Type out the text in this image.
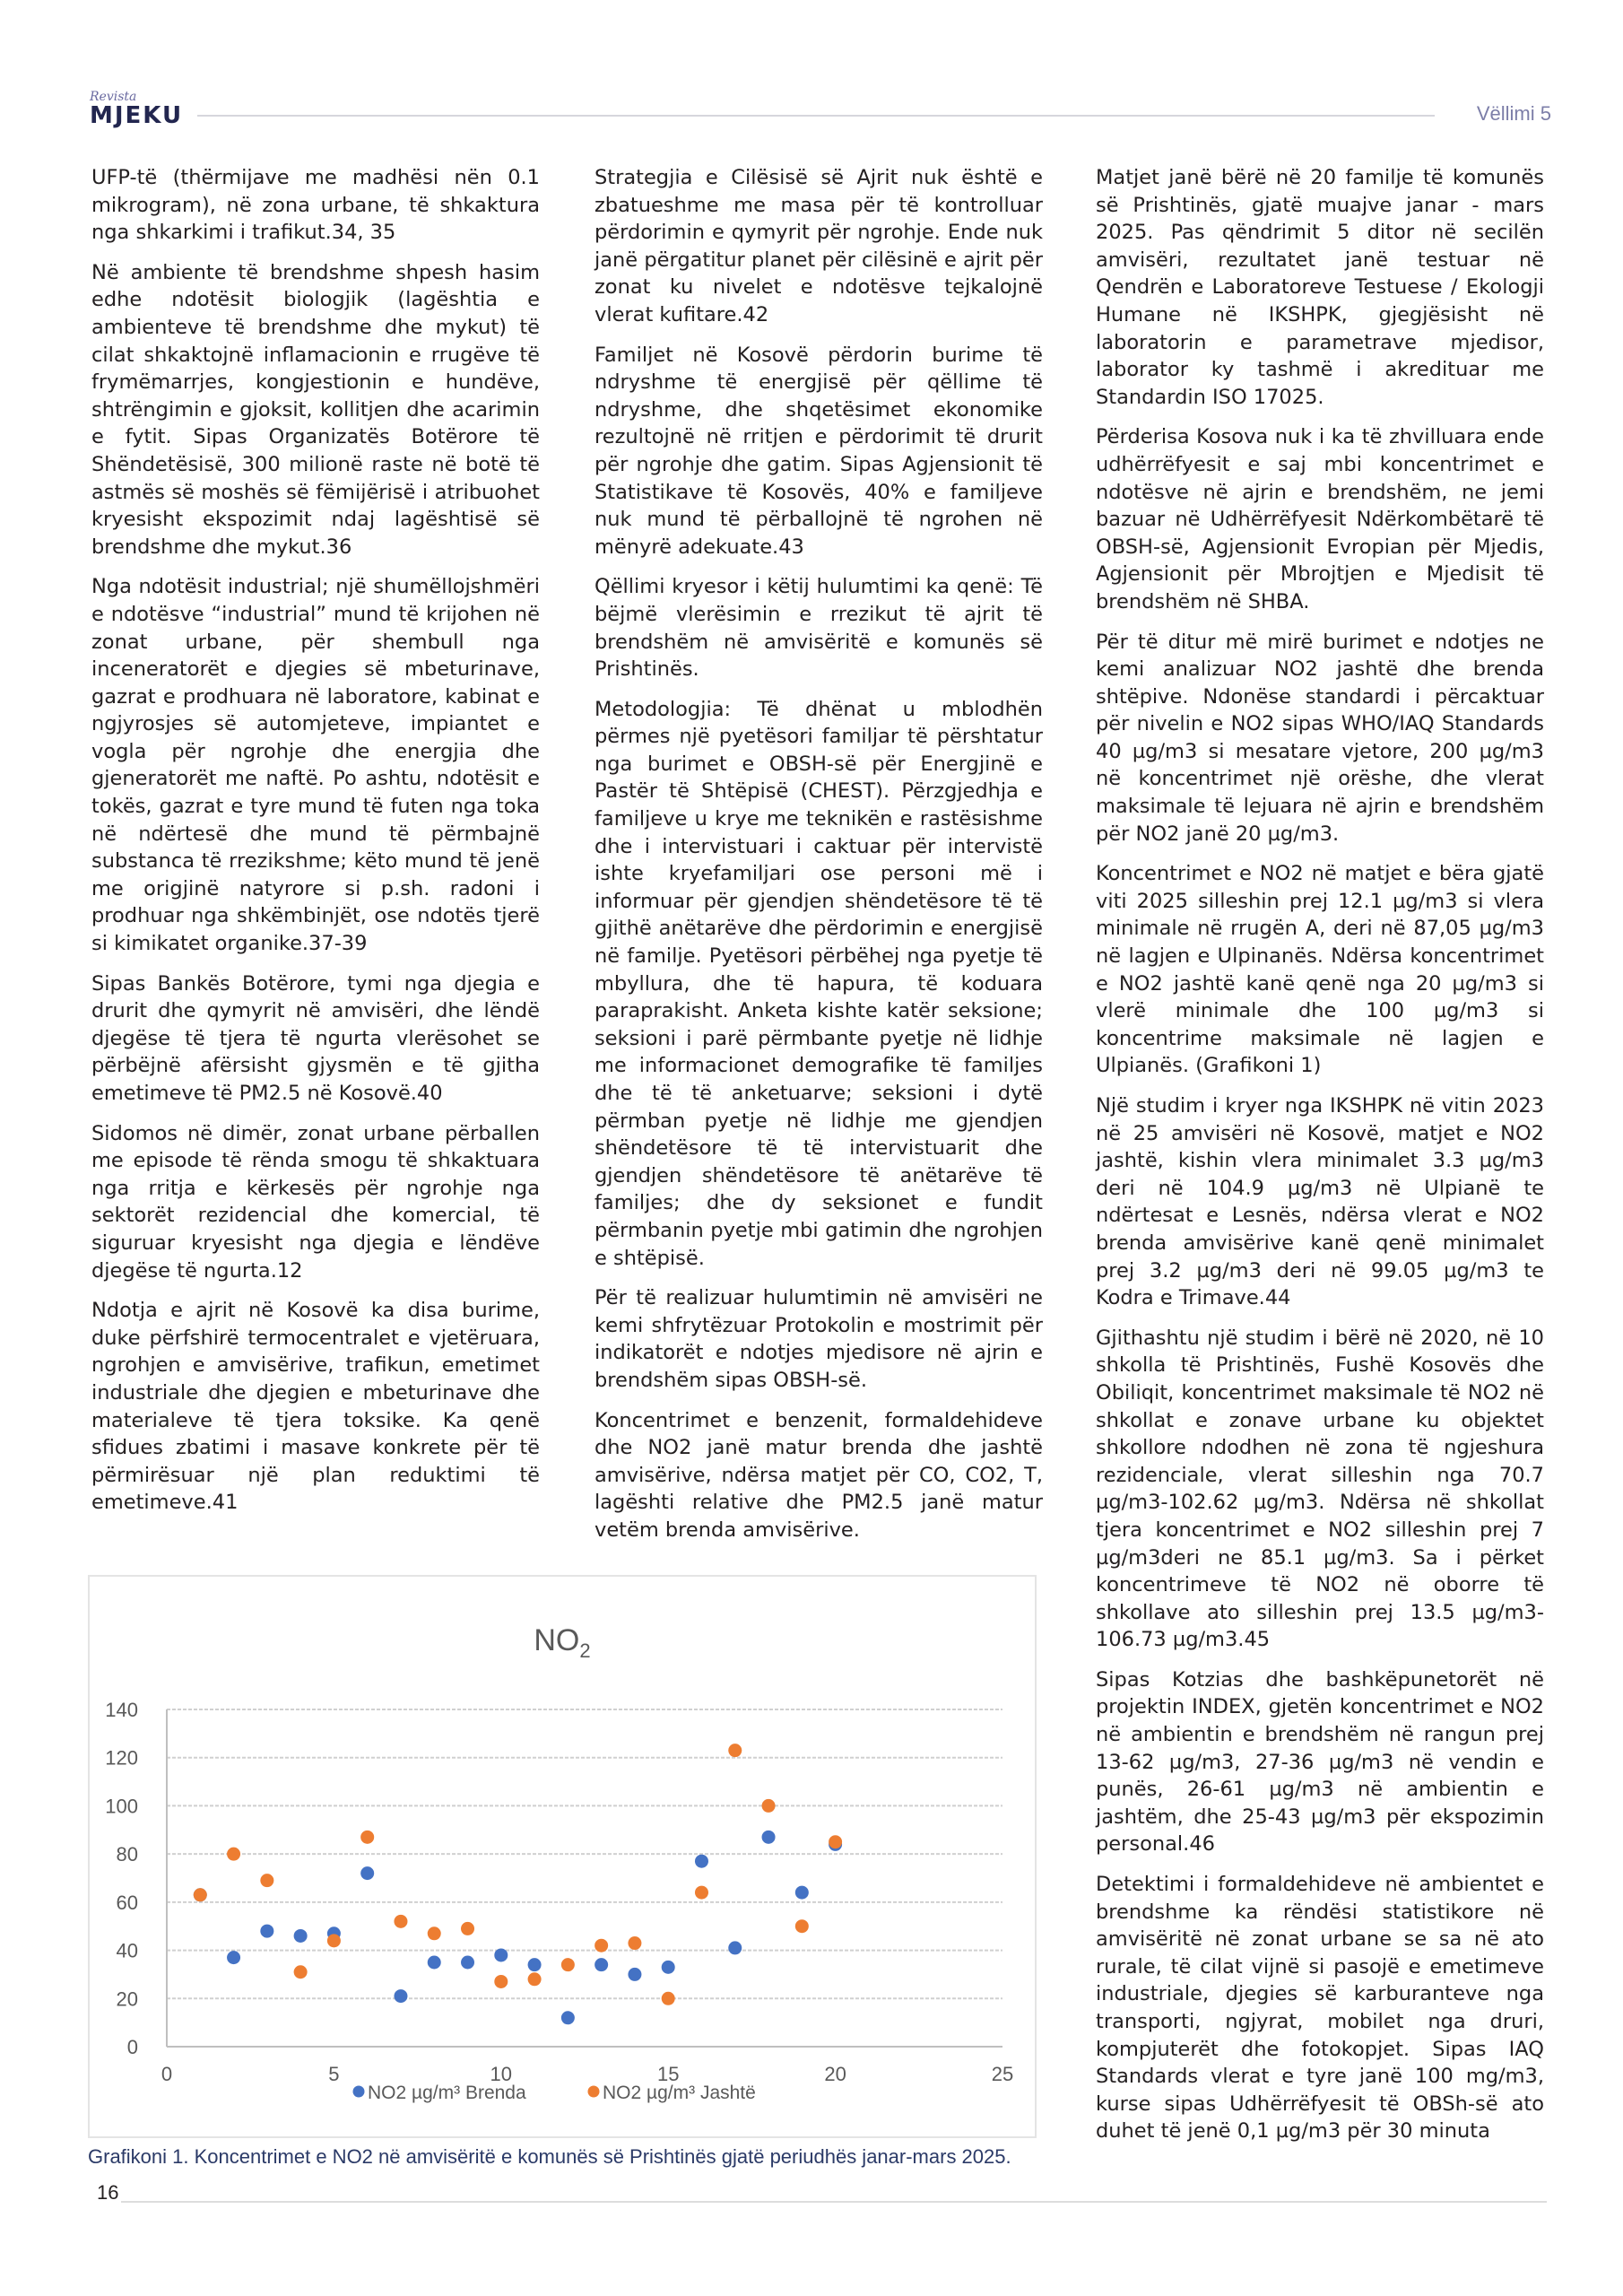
Revista
MJEKU	Vëllimi 5

UFP-të (thërmijave me madhësi nën 0.1 mikrogram), në zona urbane, të shkaktura nga shkarkimi i trafikut.34, 35

Në ambiente të brendshme shpesh hasim edhe ndotësit biologjik (lagështia e ambienteve të brendshme dhe mykut) të cilat shkaktojnë inflamacionin e rrugëve të frymëmarrjes, kongjestionin e hundëve, shtrëngimin e gjoksit, kollitjen dhe acarimin e fytit. Sipas Organizatës Botërore të Shëndetësisë, 300 milionë raste në botë të astmës së moshës së fëmijërisë i atribuohet kryesisht ekspozimit ndaj lagështisë së brendshme dhe mykut.36

Nga ndotësit industrial; një shumëllojshmëri e ndotësve “industrial” mund të krijohen në zonat urbane, për shembull nga inceneratorët e djegies së mbeturinave, gazrat e prodhuara në laboratore, kabinat e ngjyrosjes së automjeteve, impiantet e vogla për ngrohje dhe energjia dhe gjeneratorët me naftë. Po ashtu, ndotësit e tokës, gazrat e tyre mund të futen nga toka në ndërtesë dhe mund të përmbajnë substanca të rrezikshme; këto mund të jenë me origjinë natyrore si p.sh. radoni i prodhuar nga shkëmbinjët, ose ndotës tjerë si kimikatet organike.37-39

Sipas Bankës Botërore, tymi nga djegia e drurit dhe qymyrit në amvisëri, dhe lëndë djegëse të tjera të ngurta vlerësohet se përbëjnë afërsisht gjysmën e të gjitha emetimeve të PM2.5 në Kosovë.40

Sidomos në dimër, zonat urbane përballen me episode të rënda smogu të shkaktuara nga rritja e kërkesës për ngrohje nga sektorët rezidencial dhe komercial, të siguruar kryesisht nga djegia e lëndëve djegëse të ngurta.12

Ndotja e ajrit në Kosovë ka disa burime, duke përfshirë termocentralet e vjetëruara, ngrohjen e amvisërive, trafikun, emetimet industriale dhe djegien e mbeturinave dhe materialeve të tjera toksike. Ka qenë sfidues zbatimi i masave konkrete për të përmirësuar një plan reduktimi të emetimeve.41

Strategjia e Cilësisë së Ajrit nuk është e zbatueshme me masa për të kontrolluar përdorimin e qymyrit për ngrohje. Ende nuk janë përgatitur planet për cilësinë e ajrit për zonat ku nivelet e ndotësve tejkalojnë vlerat kufitare.42

Familjet në Kosovë përdorin burime të ndryshme të energjisë për qëllime të ndryshme, dhe shqetësimet ekonomike rezultojnë në rritjen e përdorimit të drurit për ngrohje dhe gatim. Sipas Agjensionit të Statistikave të Kosovës, 40% e familjeve nuk mund të përballojnë të ngrohen në mënyrë adekuate.43

Qëllimi kryesor i këtij hulumtimi ka qenë: Të bëjmë vlerësimin e rrezikut të ajrit të brendshëm në amvisëritë e komunës së Prishtinës.

Metodologjia: Të dhënat u mblodhën përmes një pyetësori familjar të përshtatur nga burimet e OBSH-së për Energjinë e Pastër të Shtëpisë (CHEST). Përzgjedhja e familjeve u krye me teknikën e rastësishme dhe i intervistuari i caktuar për intervistë ishte kryefamiljari ose personi më i informuar për gjendjen shëndetësore të të gjithë anëtarëve dhe përdorimin e energjisë në familje. Pyetësori përbëhej nga pyetje të mbyllura, dhe të hapura, të koduara paraprakisht. Anketa kishte katër seksione; seksioni i parë përmbante pyetje në lidhje me informacionet demografike të familjes dhe të të anketuarve; seksioni i dytë përmban pyetje në lidhje me gjendjen shëndetësore të të intervistuarit dhe gjendjen shëndetësore të anëtarëve të familjes; dhe dy seksionet e fundit përmbanin pyetje mbi gatimin dhe ngrohjen e shtëpisë.

Për të realizuar hulumtimin në amvisëri ne kemi shfrytëzuar Protokolin e mostrimit për indikatorët e ndotjes mjedisore në ajrin e brendshëm sipas OBSH-së.

Koncentrimet e benzenit, formaldehideve dhe NO2 janë matur brenda dhe jashtë amvisërive, ndërsa matjet për CO, CO2, T, lagështi relative dhe PM2.5 janë matur vetëm brenda amvisërive.

Matjet janë bërë në 20 familje të komunës së Prishtinës, gjatë muajve janar - mars 2025. Pas qëndrimit 5 ditor në secilën amvisëri, rezultatet janë testuar në Qendrën e Laboratoreve Testuese / Ekologji Humane në IKSHPK, gjegjësisht në laboratorin e parametrave mjedisor, laborator ky tashmë i akredituar me Standardin ISO 17025.

Përderisa Kosova nuk i ka të zhvilluara ende udhërrëfyesit e saj mbi koncentrimet e ndotësve në ajrin e brendshëm, ne jemi bazuar në Udhërrëfyesit Ndërkombëtarë të OBSH-së, Agjensionit Evropian për Mjedis, Agjensionit për Mbrojtjen e Mjedisit të brendshëm në SHBA.

Për të ditur më mirë burimet e ndotjes ne kemi analizuar NO2 jashtë dhe brenda shtëpive. Ndonëse standardi i përcaktuar për nivelin e NO2 sipas WHO/IAQ Standards 40 µg/m3 si mesatare vjetore, 200 µg/m3 në koncentrimet një orëshe, dhe vlerat maksimale të lejuara në ajrin e brendshëm për NO2 janë 20 µg/m3.

Koncentrimet e NO2 në matjet e bëra gjatë viti 2025 silleshin prej 12.1 µg/m3 si vlera minimale në rrugën A, deri në 87,05 µg/m3 në lagjen e Ulpinanës. Ndërsa koncentrimet e NO2 jashtë kanë qenë nga 20 µg/m3 si vlerë minimale dhe 100 µg/m3 si koncentrime maksimale në lagjen e Ulpianës. (Grafikoni 1)

Një studim i kryer nga IKSHPK në vitin 2023 në 25 amvisëri në Kosovë, matjet e NO2 jashtë, kishin vlera minimalet 3.3 µg/m3 deri në 104.9 µg/m3 në Ulpianë te ndërtesat e Lesnës, ndërsa vlerat e NO2 brenda amvisërive kanë qenë minimalet prej 3.2 µg/m3 deri në 99.05 µg/m3 te Kodra e Trimave.44

Gjithashtu një studim i bërë në 2020, në 10 shkolla të Prishtinës, Fushë Kosovës dhe Obiliqit, koncentrimet maksimale të NO2 në shkollat e zonave urbane ku objektet shkollore ndodhen në zona të ngjeshura rezidenciale, vlerat silleshin nga 70.7 µg/m3-102.62 µg/m3. Ndërsa në shkollat tjera koncentrimet e NO2 silleshin prej 7 µg/m3deri ne 85.1 µg/m3. Sa i përket koncentrimeve të NO2 në oborre të shkollave ato silleshin prej 13.5 µg/m3-106.73 µg/m3.45

Sipas Kotzias dhe bashkëpunetorët në projektin INDEX, gjetën koncentrimet e NO2 në ambientin e brendshëm në rangun prej 13-62 µg/m3, 27-36 µg/m3 në vendin e punës, 26-61 µg/m3 në ambientin e jashtëm, dhe 25-43 µg/m3 për ekspozimin personal.46

Detektimi i formaldehideve në ambientet e brendshme ka rëndësi statistikore në amvisëritë në zonat urbane se sa në ato rurale, të cilat vijnë si pasojë e emetimeve industriale, djegies së karburanteve nga transporti, ngjyrat, mobilet nga druri, kompjuterët dhe fotokopjet. Sipas IAQ Standards vlerat e tyre janë 100 mg/m3, kurse sipas Udhërrëfyesit të OBSh-së ato duhet të jenë 0,1 µg/m3 për 30 minuta

$NO_2$
0
20
40
60
80
100
120
140
0	5	10	15	20	25
NO2 µg/m³ Brenda	NO2 µg/m³ Jashtë
Grafikoni 1. Koncentrimet e NO2 në amvisëritë e komunës së Prishtinës gjatë periudhës janar-mars 2025.
16
